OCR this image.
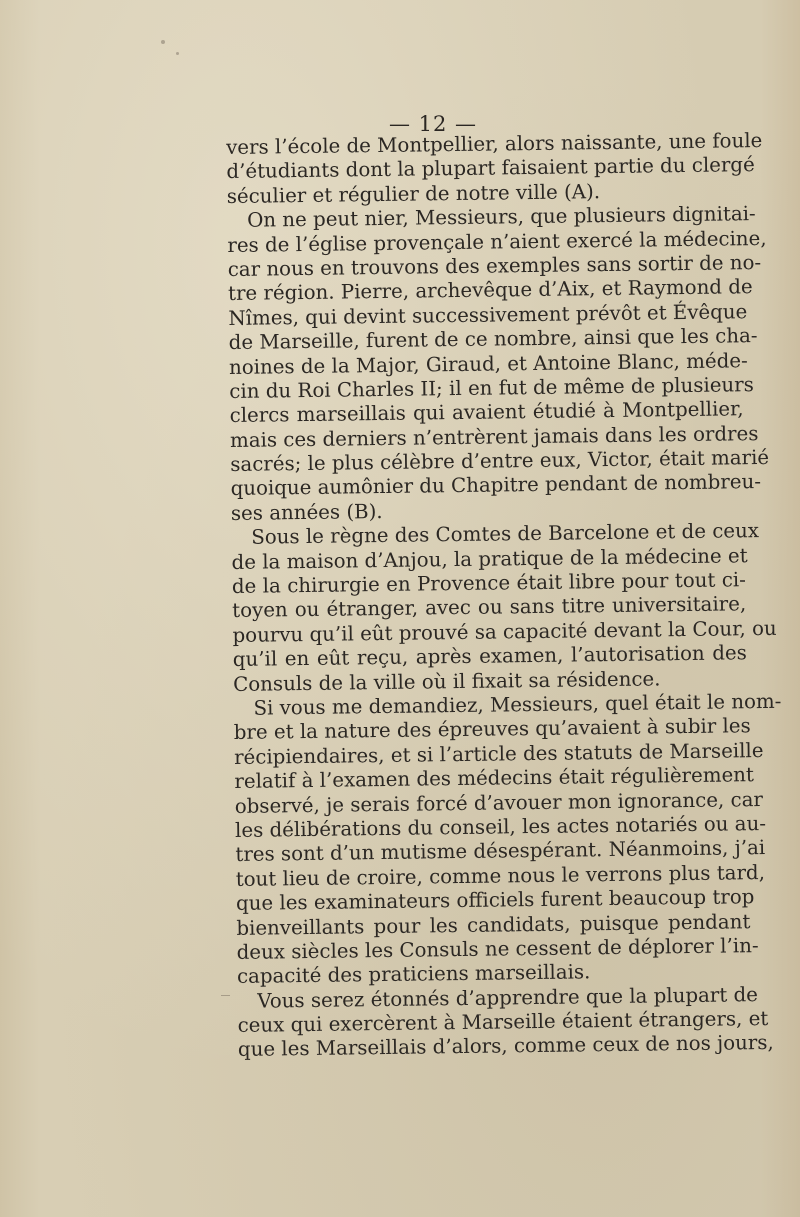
— 12 —
vers l’école de Montpellier, alors naissante, une foule
d’étudiants dont la plupart faisaient partie du clergé
séculier et régulier de notre ville (A).
On ne peut nier, Messieurs, que plusieurs dignitai-
res de l’église provençale n’aient exercé la médecine,
car nous en trouvons des exemples sans sortir de no-
tre région. Pierre, archevêque d’Aix, et Raymond de
Nîmes, qui devint successivement prévôt et Évêque
de Marseille, furent de ce nombre, ainsi que les cha-
noines de la Major, Giraud, et Antoine Blanc, méde-
cin du Roi Charles II; il en fut de même de plusieurs
clercs marseillais qui avaient étudié à Montpellier,
mais ces derniers n’entrèrent jamais dans les ordres
sacrés; le plus célèbre d’entre eux, Victor, était marié
quoique aumônier du Chapitre pendant de nombreu-
ses années (B).
Sous le règne des Comtes de Barcelone et de ceux
de la maison d’Anjou, la pratique de la médecine et
de la chirurgie en Provence était libre pour tout ci-
toyen ou étranger, avec ou sans titre universitaire,
pourvu qu’il eût prouvé sa capacité devant la Cour, ou
qu’il en eût reçu, après examen, l’autorisation des
Consuls de la ville où il fixait sa résidence.
Si vous me demandiez, Messieurs, quel était le nom-
bre et la nature des épreuves qu’avaient à subir les
récipiendaires, et si l’article des statuts de Marseille
relatif à l’examen des médecins était régulièrement
observé, je serais forcé d’avouer mon ignorance, car
les délibérations du conseil, les actes notariés ou au-
tres sont d’un mutisme désespérant. Néanmoins, j’ai
tout lieu de croire, comme nous le verrons plus tard,
que les examinateurs officiels furent beaucoup trop
bienveillants pour les candidats, puisque pendant
deux siècles les Consuls ne cessent de déplorer l’in-
capacité des praticiens marseillais.
Vous serez étonnés d’apprendre que la plupart de
ceux qui exercèrent à Marseille étaient étrangers, et
que les Marseillais d’alors, comme ceux de nos jours,
